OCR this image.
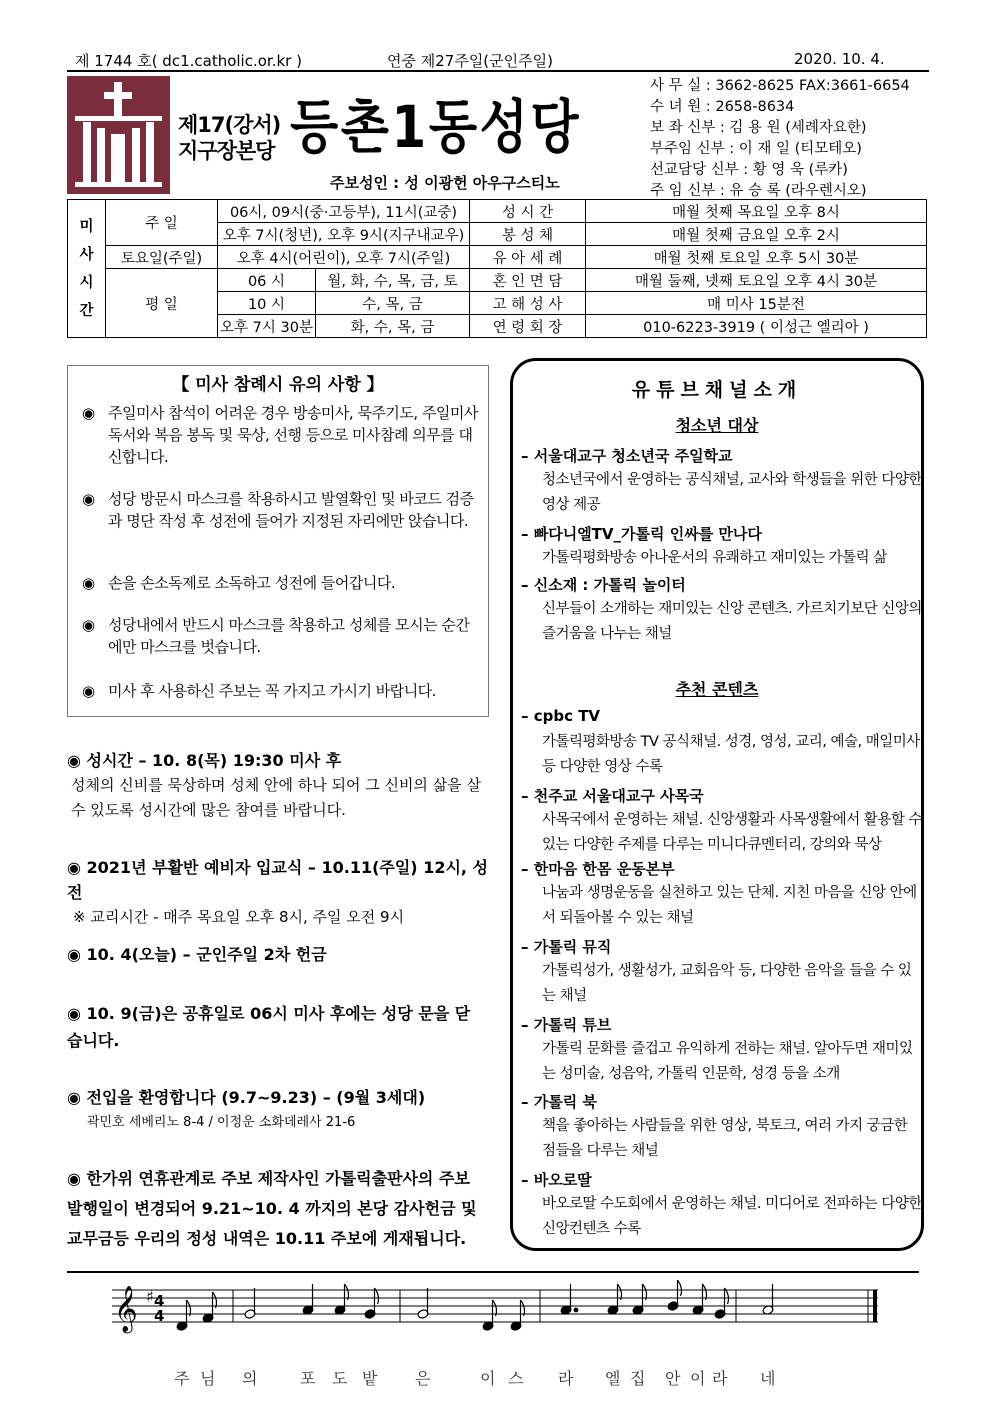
제 1744 호( dc1.catholic.or.kr )	연중 제27주일(군인주일)	2020. 10. 4.
제17(강서)
지구장본당 등촌1동성당
주보성인 : 성 이광헌 아우구스티노
사 무 실 : 3662-8625 FAX:3661-6654
수 녀 원 : 2658-8634
보 좌 신부 : 김 용 원 (세례자요한)
부주임 신부 : 이 재 일 (티모테오)
선교담당 신부 : 황 영 욱 (루카)
주 임 신부 : 유 승 록 (라우렌시오)
미
사
시
간	주 일	06시, 09시(중·고등부), 11시(교중)		성 시 간	매월 첫째 목요일 오후 8시
		오후 7시(청년), 오후 9시(지구내교우)		봉 성 체	매월 첫째 금요일 오후 2시
	토요일(주일)	오후 4시(어린이), 오후 7시(주일)		유 아 세 례	매월 첫째 토요일 오후 5시 30분
	평 일	06 시	월, 화, 수, 목, 금, 토	혼 인 면 담	매월 둘째, 넷째 토요일 오후 4시 30분
		10 시	수, 목, 금	고 해 성 사	매 미사 15분전
		오후 7시 30분	화, 수, 목, 금	연 령 회 장	010-6223-3919 ( 이성근 엘리아 )
【 미사 참례시 유의 사항 】
◉ 주일미사 참석이 어려운 경우 방송미사, 묵주기도, 주일미사 독서와 복음 봉독 및 묵상, 선행 등으로 미사참례 의무를 대신합니다.
◉ 성당 방문시 마스크를 착용하시고 발열확인 및 바코드 검증과 명단 작성 후 성전에 들어가 지정된 자리에만 앉습니다.
◉ 손을 손소독제로 소독하고 성전에 들어갑니다.
◉ 성당내에서 반드시 마스크를 착용하고 성체를 모시는 순간에만 마스크를 벗습니다.
◉ 미사 후 사용하신 주보는 꼭 가지고 가시기 바랍니다.
◉ 성시간 – 10. 8(목) 19:30 미사 후
성체의 신비를 묵상하며 성체 안에 하나 되어 그 신비의 삶을 살 수 있도록 성시간에 많은 참여를 바랍니다.
◉ 2021년 부활반 예비자 입교식 – 10.11(주일) 12시, 성전
※ 교리시간 - 매주 목요일 오후 8시, 주일 오전 9시
◉ 10. 4(오늘) – 군인주일 2차 헌금
◉ 10. 9(금)은 공휴일로 06시 미사 후에는 성당 문을 닫습니다.
◉ 전입을 환영합니다 (9.7~9.23) – (9월 3세대)
곽민호 세베리노 8-4 / 이정운 소화데레사 21-6
◉ 한가위 연휴관계로 주보 제작사인 가톨릭출판사의 주보 발행일이 변경되어 9.21~10. 4 까지의 본당 감사헌금 및 교무금등 우리의 정성 내역은 10.11 주보에 게재됩니다.
유튜브채널소개
청소년 대상
– 서울대교구 청소년국 주일학교
청소년국에서 운영하는 공식채널, 교사와 학생들을 위한 다양한 영상 제공
– 빠다니엘TV_가톨릭 인싸를 만나다
가톨릭평화방송 아나운서의 유쾌하고 재미있는 가톨릭 삶
– 신소재 : 가톨릭 놀이터
신부들이 소개하는 재미있는 신앙 콘텐츠. 가르치기보단 신앙의 즐거움을 나누는 채널
추천 콘텐츠
– cpbc TV
가톨릭평화방송 TV 공식채널. 성경, 영성, 교리, 예술, 매일미사 등 다양한 영상 수록
– 천주교 서울대교구 사목국
사목국에서 운영하는 채널. 신앙생활과 사목생활에서 활용할 수 있는 다양한 주제를 다루는 미니다큐멘터리, 강의와 묵상
– 한마음 한몸 운동본부
나눔과 생명운동을 실천하고 있는 단체. 지친 마음을 신앙 안에서 되돌아볼 수 있는 채널
– 가톨릭 뮤직
가톨릭성가, 생활성가, 교회음악 등, 다양한 음악을 들을 수 있는 채널
– 가톨릭 튜브
가톨릭 문화를 즐겁고 유익하게 전하는 채널. 알아두면 재미있는 성미술, 성음악, 가톨릭 인문학, 성경 등을 소개
– 가톨릭 북
책을 좋아하는 사람들을 위한 영상, 북토크, 여러 가지 궁금한 점들을 다루는 채널
– 바오로딸
바오로딸 수도회에서 운영하는 채널. 미디어로 전파하는 다양한 신앙컨텐츠 수록
𝄞 ♯ 4
4
주 님 의	포 도 밭 은	이 스 라 엘 집 안 이 라 네
